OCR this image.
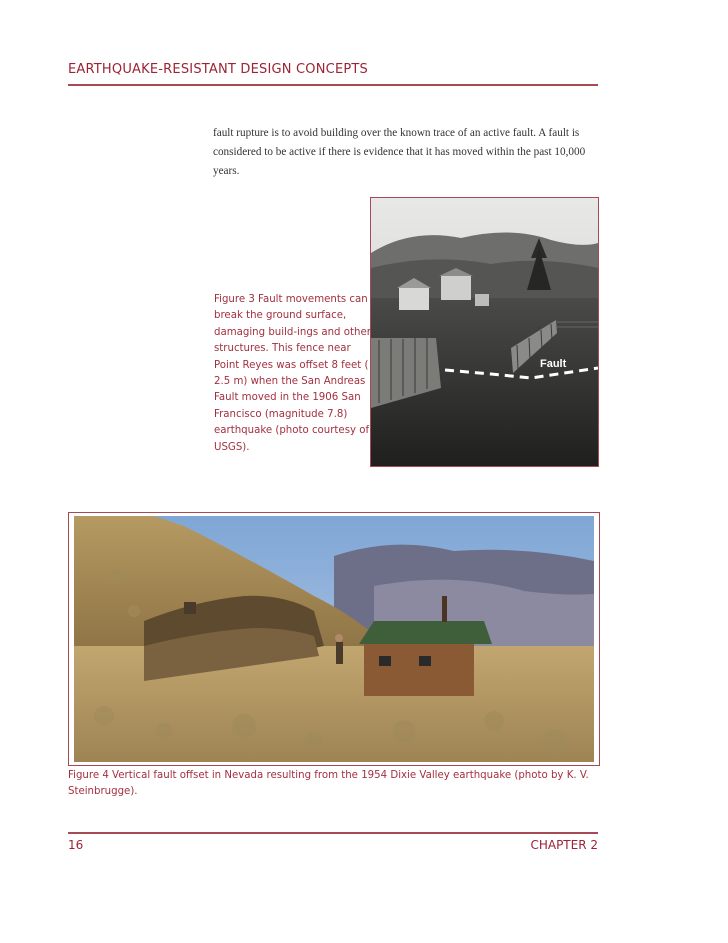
EARTHQUAKE-RESISTANT DESIGN CONCEPTS
fault rupture is to avoid building over the known trace of an active fault. A fault is considered to be active if there is evidence that it has moved within the past 10,000 years.
Fault
Figure 3 Fault movements can break the ground surface, damaging build-ings and other structures. This fence near Point Reyes was offset 8 feet ( 2.5 m) when the San Andreas Fault moved in the 1906 San Francisco (magnitude 7.8) earthquake (photo courtesy of USGS).
Figure 4 Vertical fault offset in Nevada resulting from the 1954 Dixie Valley earthquake (photo by K. V. Steinbrugge).
16	CHAPTER 2
